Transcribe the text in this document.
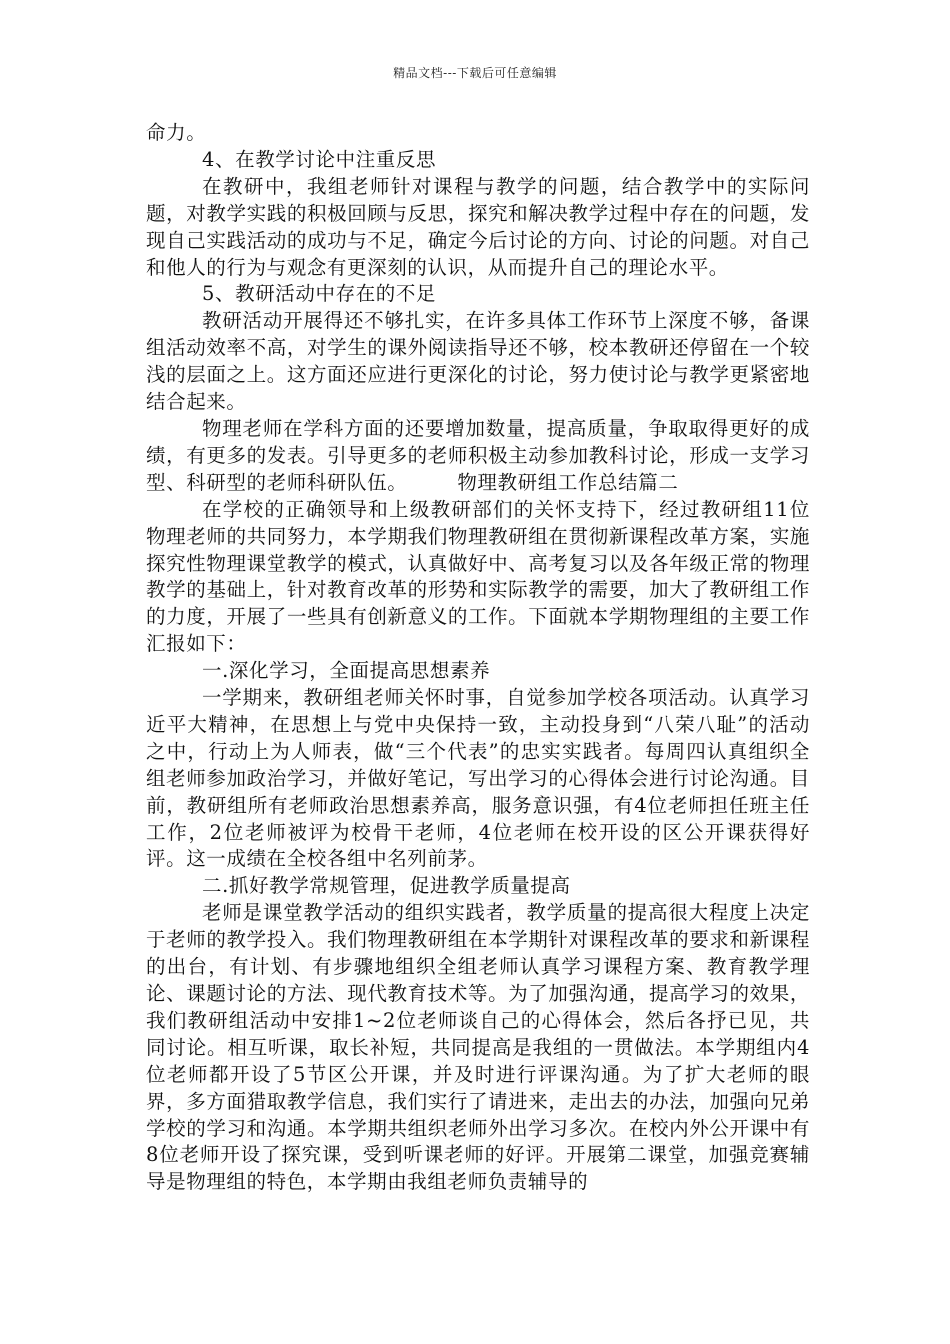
精品文档---下载后可任意编辑

命力。

4、在教学讨论中注重反思

在教研中，我组老师针对课程与教学的问题，结合教学中的实际问题，对教学实践的积极回顾与反思，探究和解决教学过程中存在的问题，发现自己实践活动的成功与不足，确定今后讨论的方向、讨论的问题。对自己和他人的行为与观念有更深刻的认识，从而提升自己的理论水平。

5、教研活动中存在的不足

教研活动开展得还不够扎实，在许多具体工作环节上深度不够，备课组活动效率不高，对学生的课外阅读指导还不够，校本教研还停留在一个较浅的层面之上。这方面还应进行更深化的讨论，努力使讨论与教学更紧密地结合起来。

物理老师在学科方面的还要增加数量，提高质量，争取取得更好的成绩，有更多的发表。引导更多的老师积极主动参加教科讨论，形成一支学习型、科研型的老师科研队伍。	物理教研组工作总结篇二

在学校的正确领导和上级教研部们的关怀支持下，经过教研组11位物理老师的共同努力，本学期我们物理教研组在贯彻新课程改革方案，实施探究性物理课堂教学的模式，认真做好中、高考复习以及各年级正常的物理教学的基础上，针对教育改革的形势和实际教学的需要，加大了教研组工作的力度，开展了一些具有创新意义的工作。下面就本学期物理组的主要工作汇报如下：

一.深化学习，全面提高思想素养

一学期来，教研组老师关怀时事，自觉参加学校各项活动。认真学习近平大精神，在思想上与党中央保持一致，主动投身到“八荣八耻”的活动之中，行动上为人师表，做“三个代表”的忠实实践者。每周四认真组织全组老师参加政治学习，并做好笔记，写出学习的心得体会进行讨论沟通。目前，教研组所有老师政治思想素养高，服务意识强，有4位老师担任班主任工作，2位老师被评为校骨干老师，4位老师在校开设的区公开课获得好评。这一成绩在全校各组中名列前茅。

二.抓好教学常规管理，促进教学质量提高

老师是课堂教学活动的组织实践者，教学质量的提高很大程度上决定于老师的教学投入。我们物理教研组在本学期针对课程改革的要求和新课程的出台，有计划、有步骤地组织全组老师认真学习课程方案、教育教学理论、课题讨论的方法、现代教育技术等。为了加强沟通，提高学习的效果，我们教研组活动中安排1~2位老师谈自己的心得体会，然后各抒已见，共同讨论。相互听课，取长补短，共同提高是我组的一贯做法。本学期组内4位老师都开设了5节区公开课，并及时进行评课沟通。为了扩大老师的眼界，多方面猎取教学信息，我们实行了请进来，走出去的办法，加强向兄弟学校的学习和沟通。本学期共组织老师外出学习多次。在校内外公开课中有8位老师开设了探究课，受到听课老师的好评。开展第二课堂，加强竞赛辅导是物理组的特色，本学期由我组老师负责辅导的
